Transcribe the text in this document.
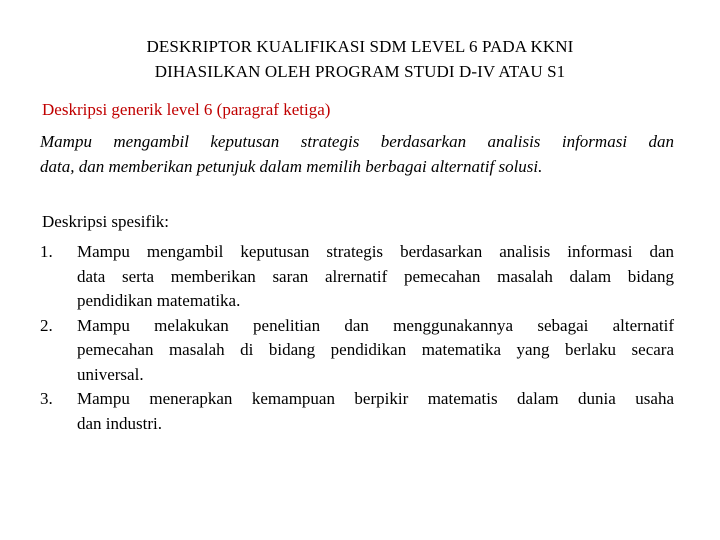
DESKRIPTOR KUALIFIKASI SDM LEVEL 6 PADA KKNI
DIHASILKAN OLEH PROGRAM STUDI D-IV ATAU S1
Deskripsi generik level 6 (paragraf ketiga)
Mampu mengambil keputusan strategis berdasarkan analisis informasi dan
data, dan memberikan petunjuk dalam memilih berbagai alternatif solusi.
Deskripsi spesifik:
1. Mampu mengambil keputusan strategis berdasarkan analisis informasi dan
data serta memberikan saran alrernatif pemecahan masalah dalam bidang
pendidikan matematika.
2. Mampu melakukan penelitian dan menggunakannya sebagai alternatif
pemecahan masalah di bidang pendidikan matematika yang berlaku secara
universal.
3. Mampu menerapkan kemampuan berpikir matematis dalam dunia usaha
dan industri.
